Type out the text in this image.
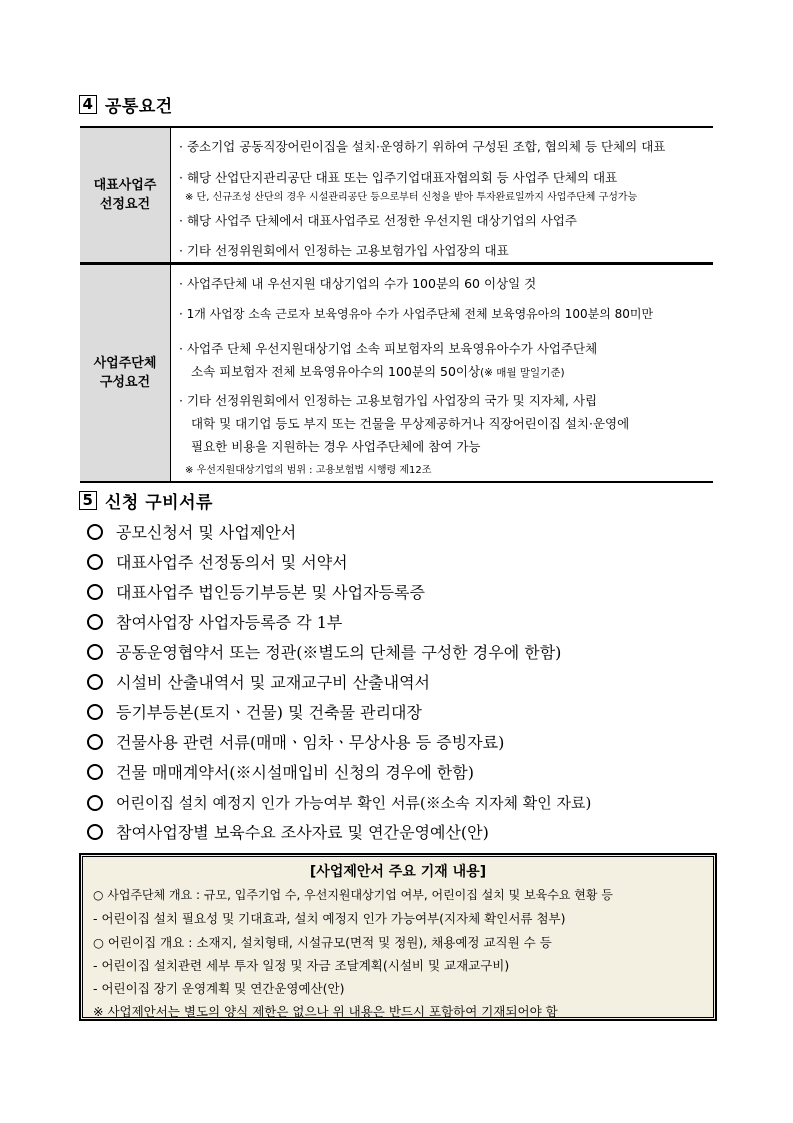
4 공통요건
대표사업주
선정요건
· 중소기업 공동직장어린이집을 설치·운영하기 위하여 구성된 조합, 협의체 등 단체의 대표
· 해당 산업단지관리공단 대표 또는 입주기업대표자협의회 등 사업주 단체의 대표
※ 단, 신규조성 산단의 경우 시설관리공단 등으로부터 신청을 받아 투자완료일까지 사업주단체 구성가능
· 해당 사업주 단체에서 대표사업주로 선정한 우선지원 대상기업의 사업주
· 기타 선정위원회에서 인정하는 고용보험가입 사업장의 대표
사업주단체
구성요건
· 사업주단체 내 우선지원 대상기업의 수가 100분의 60 이상일 것
· 1개 사업장 소속 근로자 보육영유아 수가 사업주단체 전체 보육영유아의 100분의 80미만
· 사업주 단체 우선지원대상기업 소속 피보험자의 보육영유아수가 사업주단체
소속 피보험자 전체 보육영유아수의 100분의 50이상(※ 매월 말일기준)
· 기타 선정위원회에서 인정하는 고용보험가입 사업장의 국가 및 지자체, 사립
대학 및 대기업 등도 부지 또는 건물을 무상제공하거나 직장어린이집 설치·운영에
필요한 비용을 지원하는 경우 사업주단체에 참여 가능
※ 우선지원대상기업의 범위 : 고용보험법 시행령 제12조
5 신청 구비서류
공모신청서 및 사업제안서
대표사업주 선정동의서 및 서약서
대표사업주 법인등기부등본 및 사업자등록증
참여사업장 사업자등록증 각 1부
공동운영협약서 또는 정관(※별도의 단체를 구성한 경우에 한함)
시설비 산출내역서 및 교재교구비 산출내역서
등기부등본(토지ㆍ건물) 및 건축물 관리대장
건물사용 관련 서류(매매ㆍ임차ㆍ무상사용 등 증빙자료)
건물 매매계약서(※시설매입비 신청의 경우에 한함)
어린이집 설치 예정지 인가 가능여부 확인 서류(※소속 지자체 확인 자료)
참여사업장별 보육수요 조사자료 및 연간운영예산(안)
[사업제안서 주요 기재 내용]
○ 사업주단체 개요 : 규모, 입주기업 수, 우선지원대상기업 여부, 어린이집 설치 및 보육수요 현황 등
- 어린이집 설치 필요성 및 기대효과, 설치 예정지 인가 가능여부(지자체 확인서류 첨부)
○ 어린이집 개요 : 소재지, 설치형태, 시설규모(면적 및 정원), 채용예정 교직원 수 등
- 어린이집 설치관련 세부 투자 일정 및 자금 조달계획(시설비 및 교재교구비)
- 어린이집 장기 운영계획 및 연간운영예산(안)
※ 사업제안서는 별도의 양식 제한은 없으나 위 내용은 반드시 포함하여 기재되어야 함
